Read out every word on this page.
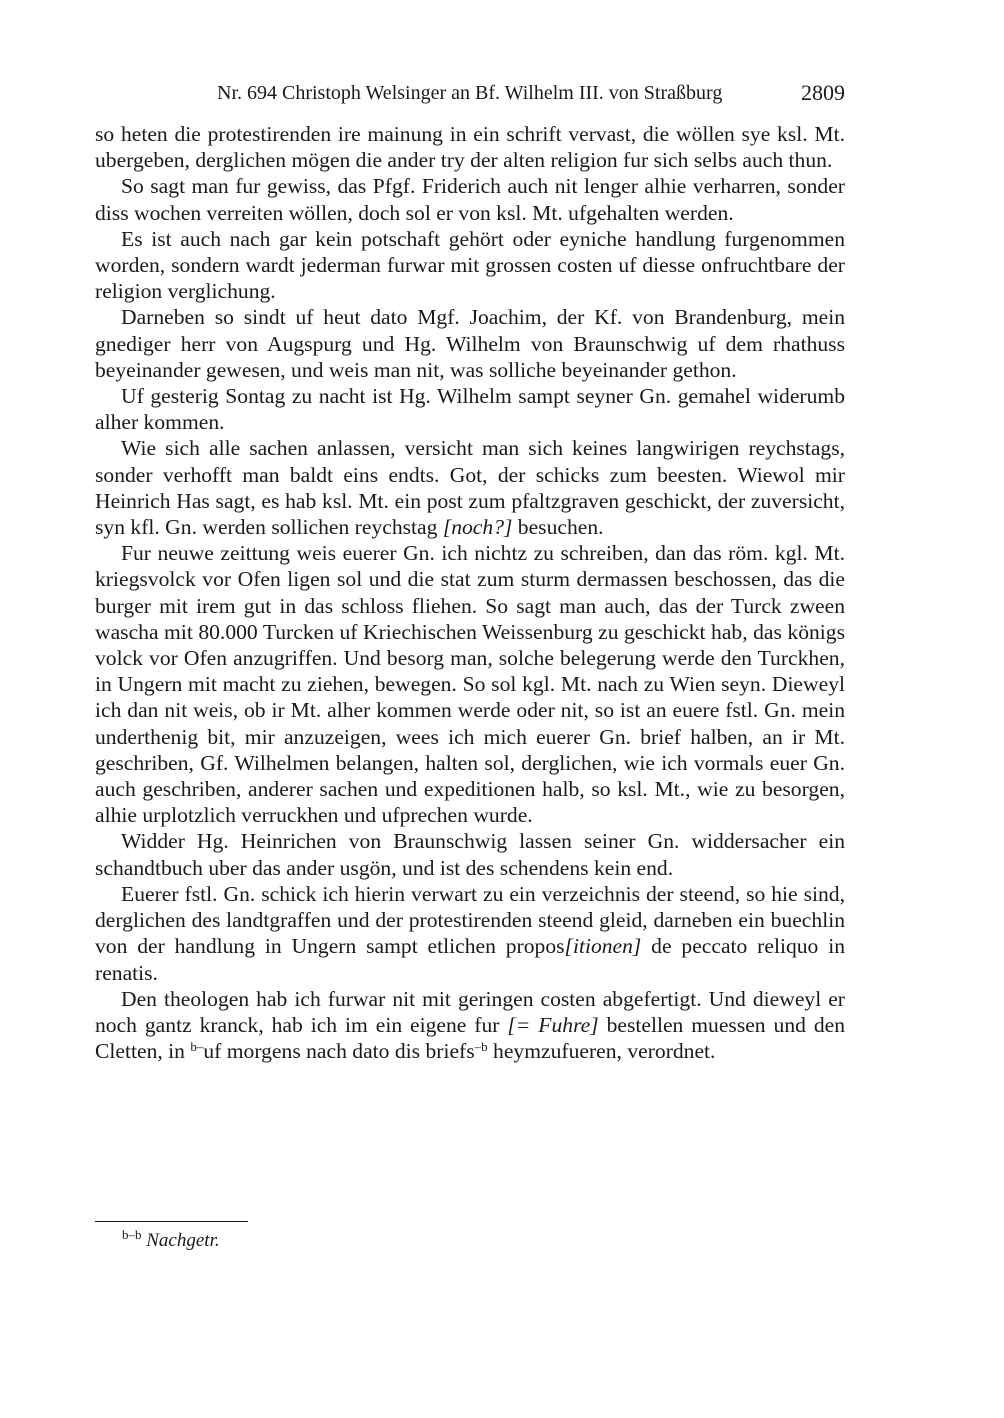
Nr. 694 Christoph Welsinger an Bf. Wilhelm III. von Straßburg	2809

so heten die protestirenden ire mainung in ein schrift vervast, die wöllen sye ksl. Mt. ubergeben, derglichen mögen die ander try der alten religion fur sich selbs auch thun.

So sagt man fur gewiss, das Pfgf. Friderich auch nit lenger alhie verharren, sonder diss wochen verreiten wöllen, doch sol er von ksl. Mt. ufgehalten werden.

Es ist auch nach gar kein potschaft gehört oder eyniche handlung furgenommen worden, sondern wardt jederman furwar mit grossen costen uf diesse onfruchtbare der religion verglichung.

Darneben so sindt uf heut dato Mgf. Joachim, der Kf. von Brandenburg, mein gnediger herr von Augspurg und Hg. Wilhelm von Braunschwig uf dem rhathuss beyeinander gewesen, und weis man nit, was solliche beyeinander gethon.

Uf gesterig Sontag zu nacht ist Hg. Wilhelm sampt seyner Gn. gemahel widerumb alher kommen.

Wie sich alle sachen anlassen, versicht man sich keines langwirigen reychstags, sonder verhofft man baldt eins endts. Got, der schicks zum beesten. Wiewol mir Heinrich Has sagt, es hab ksl. Mt. ein post zum pfaltzgraven geschickt, der zuversicht, syn kfl. Gn. werden sollichen reychstag [noch?] besuchen.

Fur neuwe zeittung weis euerer Gn. ich nichtz zu schreiben, dan das röm. kgl. Mt. kriegsvolck vor Ofen ligen sol und die stat zum sturm dermassen beschossen, das die burger mit irem gut in das schloss fliehen. So sagt man auch, das der Turck zween wascha mit 80.000 Turcken uf Kriechischen Weissenburg zu geschickt hab, das königs volck vor Ofen anzugriffen. Und besorg man, solche belegerung werde den Turckhen, in Ungern mit macht zu ziehen, bewegen. So sol kgl. Mt. nach zu Wien seyn. Dieweyl ich dan nit weis, ob ir Mt. alher kommen werde oder nit, so ist an euere fstl. Gn. mein underthenig bit, mir anzuzeigen, wees ich mich euerer Gn. brief halben, an ir Mt. geschriben, Gf. Wilhelmen belangen, halten sol, derglichen, wie ich vormals euer Gn. auch geschriben, anderer sachen und expeditionen halb, so ksl. Mt., wie zu besorgen, alhie urplotzlich verruckhen und ufprechen wurde.

Widder Hg. Heinrichen von Braunschwig lassen seiner Gn. widdersacher ein schandtbuch uber das ander usgön, und ist des schendens kein end.

Euerer fstl. Gn. schick ich hierin verwart zu ein verzeichnis der steend, so hie sind, derglichen des landtgraffen und der protestirenden steend gleid, darneben ein buechlin von der handlung in Ungern sampt etlichen propos[itionen] de peccato reliquo in renatis.

Den theologen hab ich furwar nit mit geringen costen abgefertigt. Und dieweyl er noch gantz kranck, hab ich im ein eigene fur [= Fuhre] bestellen muessen und den Cletten, in $^{b-}$uf morgens nach dato dis briefs$^{-b}$ heymzufueren, verordnet.

$^{b-b}$ Nachgetr.
